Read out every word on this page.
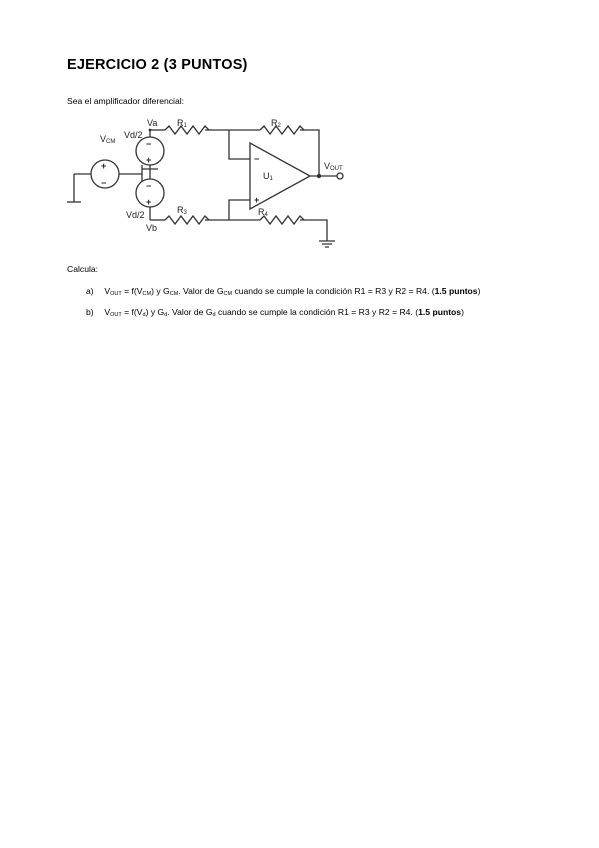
EJERCICIO 2 (3 PUNTOS)
Sea el amplificador diferencial:
+
−
VCM	−
+
−
+
Va
Vd/2
Vd/2
Vb
R1	R2
R3	R4
U1
−
+
VOUT
Calcula:
a) $V_{OUT} = f(V_{CM})$ y $G_{CM}$. Valor de $G_{CM}$ cuando se cumple la condición R1 = R3 y R2 = R4. (1.5 puntos)
b) $V_{OUT} = f(V_d)$ y $G_d$. Valor de $G_d$ cuando se cumple la condición R1 = R3 y R2 = R4. (1.5 puntos)
